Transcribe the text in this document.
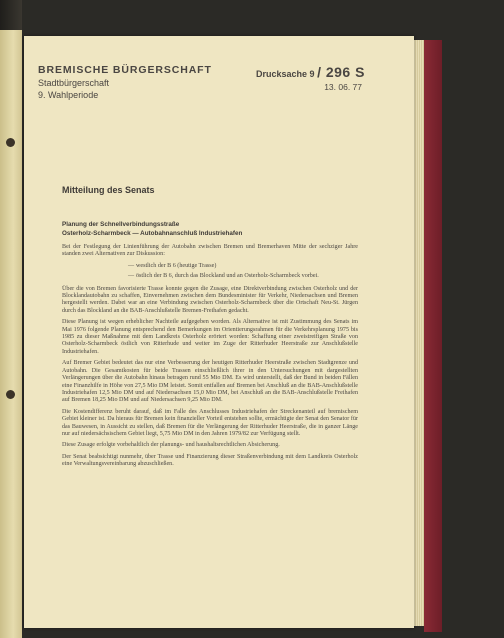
BREMISCHE BÜRGERSCHAFT
Stadtbürgerschaft
9. Wahlperiode
Drucksache 9 / 296 S
13. 06. 77
Mitteilung des Senats
Planung der Schnellverbindungsstraße
Osterholz-Scharmbeck — Autobahnanschluß Industriehafen

Bei der Festlegung der Linienführung der Autobahn zwischen Bremen und Bremerhaven Mitte der sechziger Jahre standen zwei Alternativen zur Diskussion:

— westlich der B 6 (heutige Trasse)
— östlich der B 6, durch das Blockland und an Osterholz-Scharmbeck vorbei.

Über die von Bremen favorisierte Trasse konnte gegen die Zusage, eine Direktverbindung zwischen Osterholz und der Blocklandautobahn zu schaffen, Einvernehmen zwischen dem Bundesminister für Verkehr, Niedersachsen und Bremen hergestellt werden. Dabei war an eine Verbindung zwischen Osterholz-Scharmbeck über die Ortschaft Neu-St. Jürgen durch das Blockland an die BAB-Anschlußstelle Bremen-Freihafen gedacht.

Diese Planung ist wegen erheblicher Nachteile aufgegeben worden. Als Alternative ist mit Zustimmung des Senats im Mai 1976 folgende Planung entsprechend den Bemerkungen im Orientierungsrahmen für die Verkehrsplanung 1975 bis 1985 zu dieser Maßnahme mit dem Landkreis Osterholz erörtert worden: Schaffung einer zweistreifigen Straße von Osterholz-Scharmbeck östlich von Ritterhude und weiter im Zuge der Ritterhuder Heerstraße zur Anschlußstelle Industriehafen.

Auf Bremer Gebiet bedeutet das nur eine Verbesserung der heutigen Ritterhuder Heerstraße zwischen Stadtgrenze und Autobahn. Die Gesamtkosten für beide Trassen einschließlich ihrer in den Untersuchungen mit dargestellten Verlängerungen über die Autobahn hinaus betragen rund 55 Mio DM. Es wird unterstellt, daß der Bund in beiden Fällen eine Finanzhilfe in Höhe von 27,5 Mio DM leistet. Somit entfallen auf Bremen bei Anschluß an die BAB-Anschlußstelle Industriehafen 12,5 Mio DM und auf Niedersachsen 15,0 Mio DM, bei Anschluß an die BAB-Anschlußstelle Freihafen auf Bremen 18,25 Mio DM und auf Niedersachsen 9,25 Mio DM.

Die Kostendifferenz beruht darauf, daß im Falle des Anschlusses Industriehafen der Streckenanteil auf bremischem Gebiet kleiner ist. Da hieraus für Bremen kein finanzieller Vorteil entstehen sollte, ermächtigte der Senat den Senator für das Bauwesen, in Aussicht zu stellen, daß Bremen für die Verlängerung der Ritterhuder Heerstraße, die in ganzer Länge nur auf niedersächsischem Gebiet liegt, 5,75 Mio DM in den Jahren 1979/82 zur Verfügung stellt.

Diese Zusage erfolgte vorbehaltlich der planungs- und haushaltsrechtlichen Absicherung.

Der Senat beabsichtigt nunmehr, über Trasse und Finanzierung dieser Straßenverbindung mit dem Landkreis Osterholz eine Verwaltungsvereinbarung abzuschließen.
